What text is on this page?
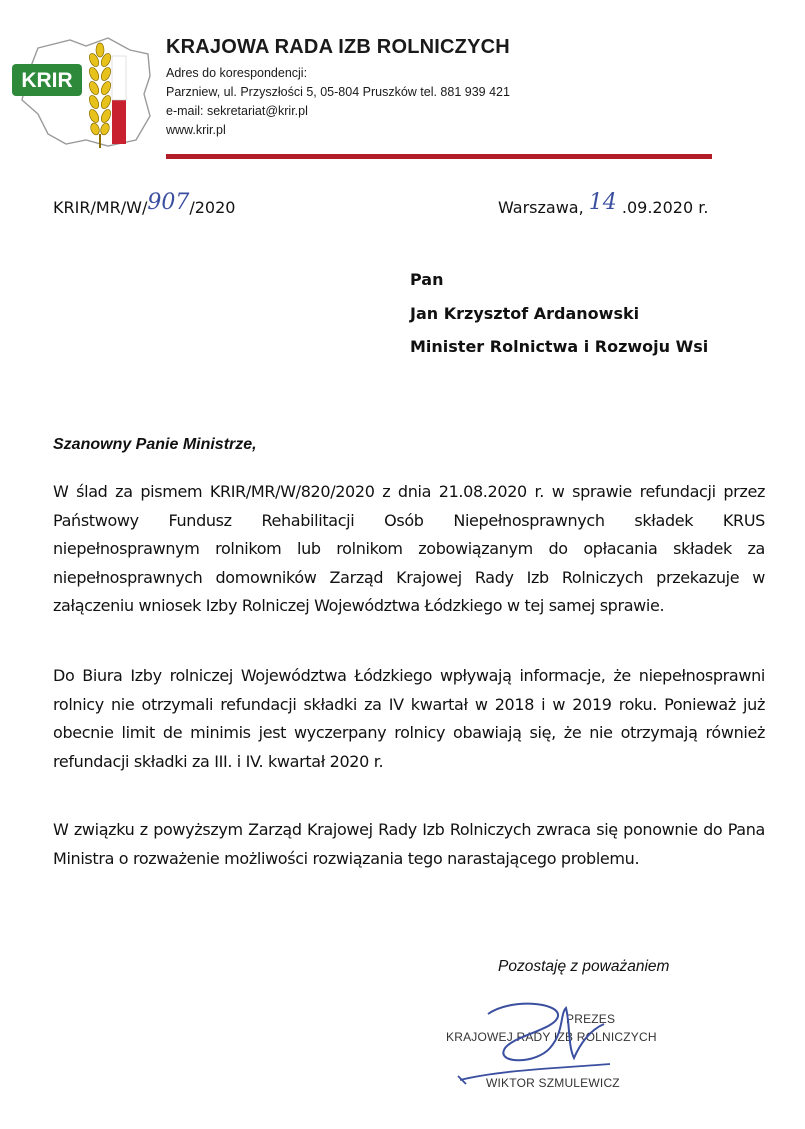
KRIR
KRAJOWA RADA IZB ROLNICZYCH
Adres do korespondencji:
Parzniew, ul. Przyszłości 5, 05-804 Pruszków tel. 881 939 421
e-mail: sekretariat@krir.pl
www.krir.pl
KRIR/MR/W/907/2020	Warszawa, 14 .09.2020 r.
Pan
Jan Krzysztof Ardanowski
Minister Rolnictwa i Rozwoju Wsi
Szanowny Panie Ministrze,
W ślad za pismem KRIR/MR/W/820/2020 z dnia 21.08.2020 r. w sprawie refundacji przez Państwowy Fundusz Rehabilitacji Osób Niepełnosprawnych składek KRUS niepełnosprawnym rolnikom lub rolnikom zobowiązanym do opłacania składek za niepełnosprawnych domowników Zarząd Krajowej Rady Izb Rolniczych przekazuje w załączeniu wniosek Izby Rolniczej Województwa Łódzkiego w tej samej sprawie.
Do Biura Izby rolniczej Województwa Łódzkiego wpływają informacje, że niepełnosprawni rolnicy nie otrzymali refundacji składki za IV kwartał w 2018 i w 2019 roku. Ponieważ już obecnie limit de minimis jest wyczerpany rolnicy obawiają się, że nie otrzymają również refundacji składki za III. i IV. kwartał 2020 r.
W związku z powyższym Zarząd Krajowej Rady Izb Rolniczych zwraca się ponownie do Pana Ministra o rozważenie możliwości rozwiązania tego narastającego problemu.
Pozostaję z poważaniem
PREZES
KRAJOWEJ RADY IZB ROLNICZYCH
WIKTOR SZMULEWICZ
